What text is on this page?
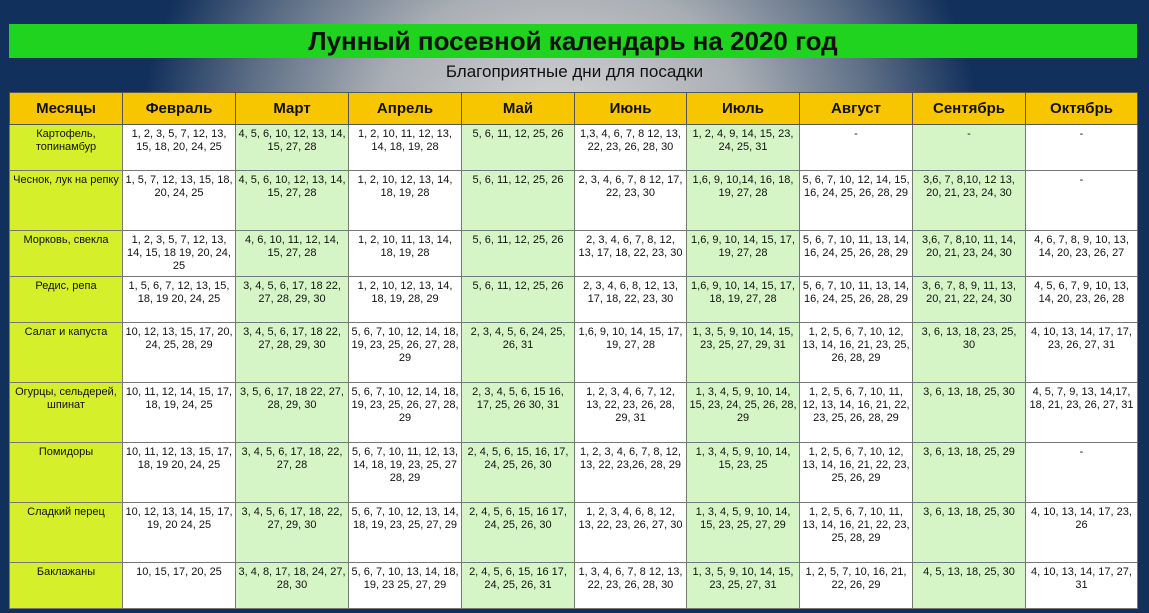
Лунный посевной календарь на 2020 год
Благоприятные дни для посадки
Месяцы	Февраль	Март	Апрель	Май	Июнь	Июль	Август	Сентябрь	Октябрь
Картофель, топинамбур	1, 2, 3, 5, 7, 12, 13, 15, 18, 20, 24, 25	4, 5, 6, 10, 12, 13, 14, 15, 27, 28	1, 2, 10, 11, 12, 13, 14, 18, 19, 28	5, 6, 11, 12, 25, 26	1,3, 4, 6, 7, 8 12, 13, 22, 23, 26, 28, 30	1, 2, 4, 9, 14, 15, 23, 24, 25, 31	-	-	-
Чеснок, лук на репку	1, 5, 7, 12, 13, 15, 18, 20, 24, 25	4, 5, 6, 10, 12, 13, 14, 15, 27, 28	1, 2, 10, 12, 13, 14, 18, 19, 28	5, 6, 11, 12, 25, 26	2, 3, 4, 6, 7, 8 12, 17, 22, 23, 30	1,6, 9, 10,14, 16, 18, 19, 27, 28	5, 6, 7, 10, 12, 14, 15, 16, 24, 25, 26, 28, 29	3,6, 7, 8,10, 12 13, 20, 21, 23, 24, 30	-
Морковь, свекла	1, 2, 3, 5, 7, 12, 13, 14, 15, 18 19, 20, 24, 25	4, 6, 10, 11, 12, 14, 15, 27, 28	1, 2, 10, 11, 13, 14, 18, 19, 28	5, 6, 11, 12, 25, 26	2, 3, 4, 6, 7, 8, 12, 13, 17, 18, 22, 23, 30	1,6, 9, 10, 14, 15, 17, 19, 27, 28	5, 6, 7, 10, 11, 13, 14, 16, 24, 25, 26, 28, 29	3,6, 7, 8,10, 11, 14, 20, 21, 23, 24, 30	4, 6, 7, 8, 9, 10, 13, 14, 20, 23, 26, 27
Редис, репа	1, 5, 6, 7, 12, 13, 15, 18, 19 20, 24, 25	3, 4, 5, 6, 17, 18 22, 27, 28, 29, 30	1, 2, 10, 12, 13, 14, 18, 19, 28, 29	5, 6, 11, 12, 25, 26	2, 3, 4, 6, 8, 12, 13, 17, 18, 22, 23, 30	1,6, 9, 10, 14, 15, 17, 18, 19, 27, 28	5, 6, 7, 10, 11, 13, 14, 16, 24, 25, 26, 28, 29	3, 6, 7, 8, 9, 11, 13, 20, 21, 22, 24, 30	4, 5, 6, 7, 9, 10, 13, 14, 20, 23, 26, 28
Салат и капуста	10, 12, 13, 15, 17, 20, 24, 25, 28, 29	3, 4, 5, 6, 17, 18 22, 27, 28, 29, 30	5, 6, 7, 10, 12, 14, 18, 19, 23, 25, 26, 27, 28, 29	2, 3, 4, 5, 6, 24, 25, 26, 31	1,6, 9, 10, 14, 15, 17, 19, 27, 28	1, 3, 5, 9, 10, 14, 15, 23, 25, 27, 29, 31	1, 2, 5, 6, 7, 10, 12, 13, 14, 16, 21, 23, 25, 26, 28, 29	3, 6, 13, 18, 23, 25, 30	4, 10, 13, 14, 17, 17, 23, 26, 27, 31
Огурцы, сельдерей, шпинат	10, 11, 12, 14, 15, 17, 18, 19, 24, 25	3, 5, 6, 17, 18 22, 27, 28, 29, 30	5, 6, 7, 10, 12, 14, 18, 19, 23, 25, 26, 27, 28, 29	2, 3, 4, 5, 6, 15 16, 17, 25, 26 30, 31	1, 2, 3, 4, 6, 7, 12, 13, 22, 23, 26, 28, 29, 31	1, 3, 4, 5, 9, 10, 14, 15, 23, 24, 25, 26, 28, 29	1, 2, 5, 6, 7, 10, 11, 12, 13, 14, 16, 21, 22, 23, 25, 26, 28, 29	3, 6, 13, 18, 25, 30	4, 5, 7, 9, 13, 14,17, 18, 21, 23, 26, 27, 31
Помидоры	10, 11, 12, 13, 15, 17, 18, 19 20, 24, 25	3, 4, 5, 6, 17, 18, 22, 27, 28	5, 6, 7, 10, 11, 12, 13, 14, 18, 19, 23, 25, 27 28, 29	2, 4, 5, 6, 15, 16, 17, 24, 25, 26, 30	1, 2, 3, 4, 6, 7, 8, 12, 13, 22, 23,26, 28, 29	1, 3, 4, 5, 9, 10, 14, 15, 23, 25	1, 2, 5, 6, 7, 10, 12, 13, 14, 16, 21, 22, 23, 25, 26, 29	3, 6, 13, 18, 25, 29	-
Сладкий перец	10, 12, 13, 14, 15, 17, 19, 20 24, 25	3, 4, 5, 6, 17, 18, 22, 27, 29, 30	5, 6, 7, 10, 12, 13, 14, 18, 19, 23, 25, 27, 29	2, 4, 5, 6, 15, 16 17, 24, 25, 26, 30	1, 2, 3, 4, 6, 8, 12, 13, 22, 23, 26, 27, 30	1, 3, 4, 5, 9, 10, 14, 15, 23, 25, 27, 29	1, 2, 5, 6, 7, 10, 11, 13, 14, 16, 21, 22, 23, 25, 28, 29	3, 6, 13, 18, 25, 30	4, 10, 13, 14, 17, 23, 26
Баклажаны	10, 15, 17, 20, 25	3, 4, 8, 17, 18, 24, 27, 28, 30	5, 6, 7, 10, 13, 14, 18, 19, 23 25, 27, 29	2, 4, 5, 6, 15, 16 17, 24, 25, 26, 31	1, 3, 4, 6, 7, 8 12, 13, 22, 23, 26, 28, 30	1, 3, 5, 9, 10, 14, 15, 23, 25, 27, 31	1, 2, 5, 7, 10, 16, 21, 22, 26, 29	4, 5, 13, 18, 25, 30	4, 10, 13, 14, 17, 27, 31
